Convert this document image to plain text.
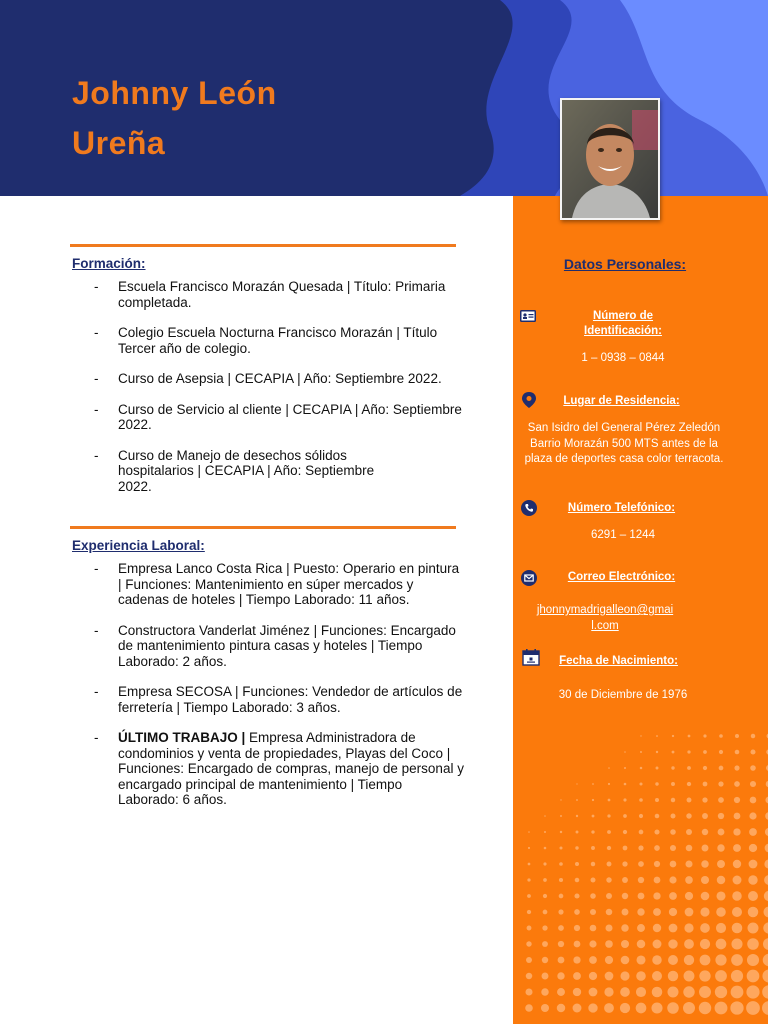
Johnny León
Ureña
Formación:
- Escuela Francisco Morazán Quesada | Título: Primaria completada.
- Colegio Escuela Nocturna Francisco Morazán | Título Tercer año de colegio.
- Curso de Asepsia | CECAPIA | Año: Septiembre 2022.
- Curso de Servicio al cliente | CECAPIA | Año: Septiembre 2022.
- Curso de Manejo de desechos sólidos hospitalarios | CECAPIA | Año: Septiembre 2022.
Experiencia Laboral:
- Empresa Lanco Costa Rica | Puesto: Operario en pintura | Funciones: Mantenimiento en súper mercados y cadenas de hoteles | Tiempo Laborado: 11 años.
- Constructora Vanderlat Jiménez | Funciones: Encargado de mantenimiento pintura casas y hoteles | Tiempo Laborado: 2 años.
- Empresa SECOSA | Funciones: Vendedor de artículos de ferretería | Tiempo Laborado: 3 años.
- ÚLTIMO TRABAJO | Empresa Administradora de condominios y venta de propiedades, Playas del Coco | Funciones: Encargado de compras, manejo de personal y encargado principal de mantenimiento | Tiempo Laborado: 6 años.
Datos Personales:
Número de Identificación:
1 – 0938 – 0844
Lugar de Residencia:
San Isidro del General Pérez Zeledón Barrio Morazán 500 MTS antes de la plaza de deportes casa color terracota.
Número Telefónico:
6291 – 1244
Correo Electrónico:
jhonnymadrigalleon@gmail.com
Fecha de Nacimiento:
30 de Diciembre de 1976
